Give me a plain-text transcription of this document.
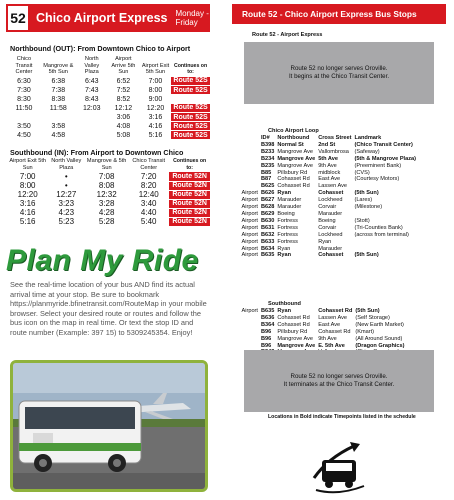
52 Chico Airport Express Monday -
Friday
Northbound (OUT): From Downtown Chico to Airport
Chico Transit Center	Mangrove & 5th Sun	North Valley Plaza	Airport Arrive 5th Sun	Airport Exit 5th Sun	Continues on to:
6:30	6:38	6:43	6:52	7:00	Route 52S
7:30	7:38	7:43	7:52	8:00	Route 52S
8:30	8:38	8:43	8:52	9:00	
11:50	11:58	12:03	12:12	12:20	Route 52S
			3:06	3:16	Route 52S
3:50	3:58		4:08	4:16	Route 52S
4:50	4:58		5:08	5:16	Route 52S
Southbound (IN): From Airport to Downtown Chico
Airport Exit 5th Sun	North Valley Plaza	Mangrove & 5th Sun	Chico Transit Center	Continues on to:
7:00	•	7:08	7:20	Route 52N
8:00	•	8:08	8:20	Route 52N
12:20	12:27	12:32	12:40	Route 52N
3:16	3:23	3:28	3:40	Route 52N
4:16	4:23	4:28	4:40	Route 52N
5:16	5:23	5:28	5:40	Route 52N
Plan My Ride
See the real-time location of your bus AND find its actual arrival time at your stop. Be sure to bookmark https://planmyride.bfinetransit.com/RouteMap in your mobile browser. Select your desired route or routes and follow the bus icon on the map in real time. Or text the stop ID and route number (Example: 397 15) to 5309245354. Enjoy!
Route 52 - Chico Airport Express Bus Stops
Route 52 - Airport Express
Route 52 no longer serves Oroville.
It begins at the Chico Transit Center.
Chico Airport Loop
	ID#	Northbound	Cross Street	Landmark
	B398	Normal St	2nd St	(Chico Transit Center)
	B233	Mangrove Ave	Vallombrosa	(Safeway)
	B234	Mangrove Ave	5th Ave	(5th & Mangrove Plaza)
	B235	Mangrove Ave	9th Ave	(Preeminent Bank)
	B85	Pillsbury Rd	midblock	(CVS)
	B87	Cohasset Rd	East Ave	(Courtesy Motors)
	B625	Cohasset Rd	Lassen Ave	
Airport	B626	Ryan	Cohasset	(5th Sun)
Airport	B627	Marauder	Lockheed	(Lares)
Airport	B628	Marauder	Corvair	(Milestone)
Airport	B629	Boeing	Marauder	
Airport	B630	Fortress	Boeing	(Stott)
Airport	B631	Fortress	Corvair	(Tri-Counties Bank)
Airport	B632	Fortress	Lockheed	(across from terminal)
Airport	B633	Fortress	Ryan	
Airport	B634	Ryan	Marauder	
Airport	B635	Ryan	Cohasset	(5th Sun)
Southbound
Airport	B635	Ryan	Cohasset Rd	(5th Sun)
	B636	Cohasset Rd	Lassen Ave	(Self Storage)
	B364	Cohasset Rd	East Ave	(New Earth Market)
	B96	Pillsbury Rd	Cohasset Rd	(Kmart)
	B96	Mangrove Ave	9th Ave	(All Around Sound)
	B96	Mangrove Ave	E. 5th Ave	(Dragon Graphics)

Route 52 no longer serves Oroville.
It terminates at the Chico Transit Center.
Locations in Bold indicate Timepoints listed in the schedule
